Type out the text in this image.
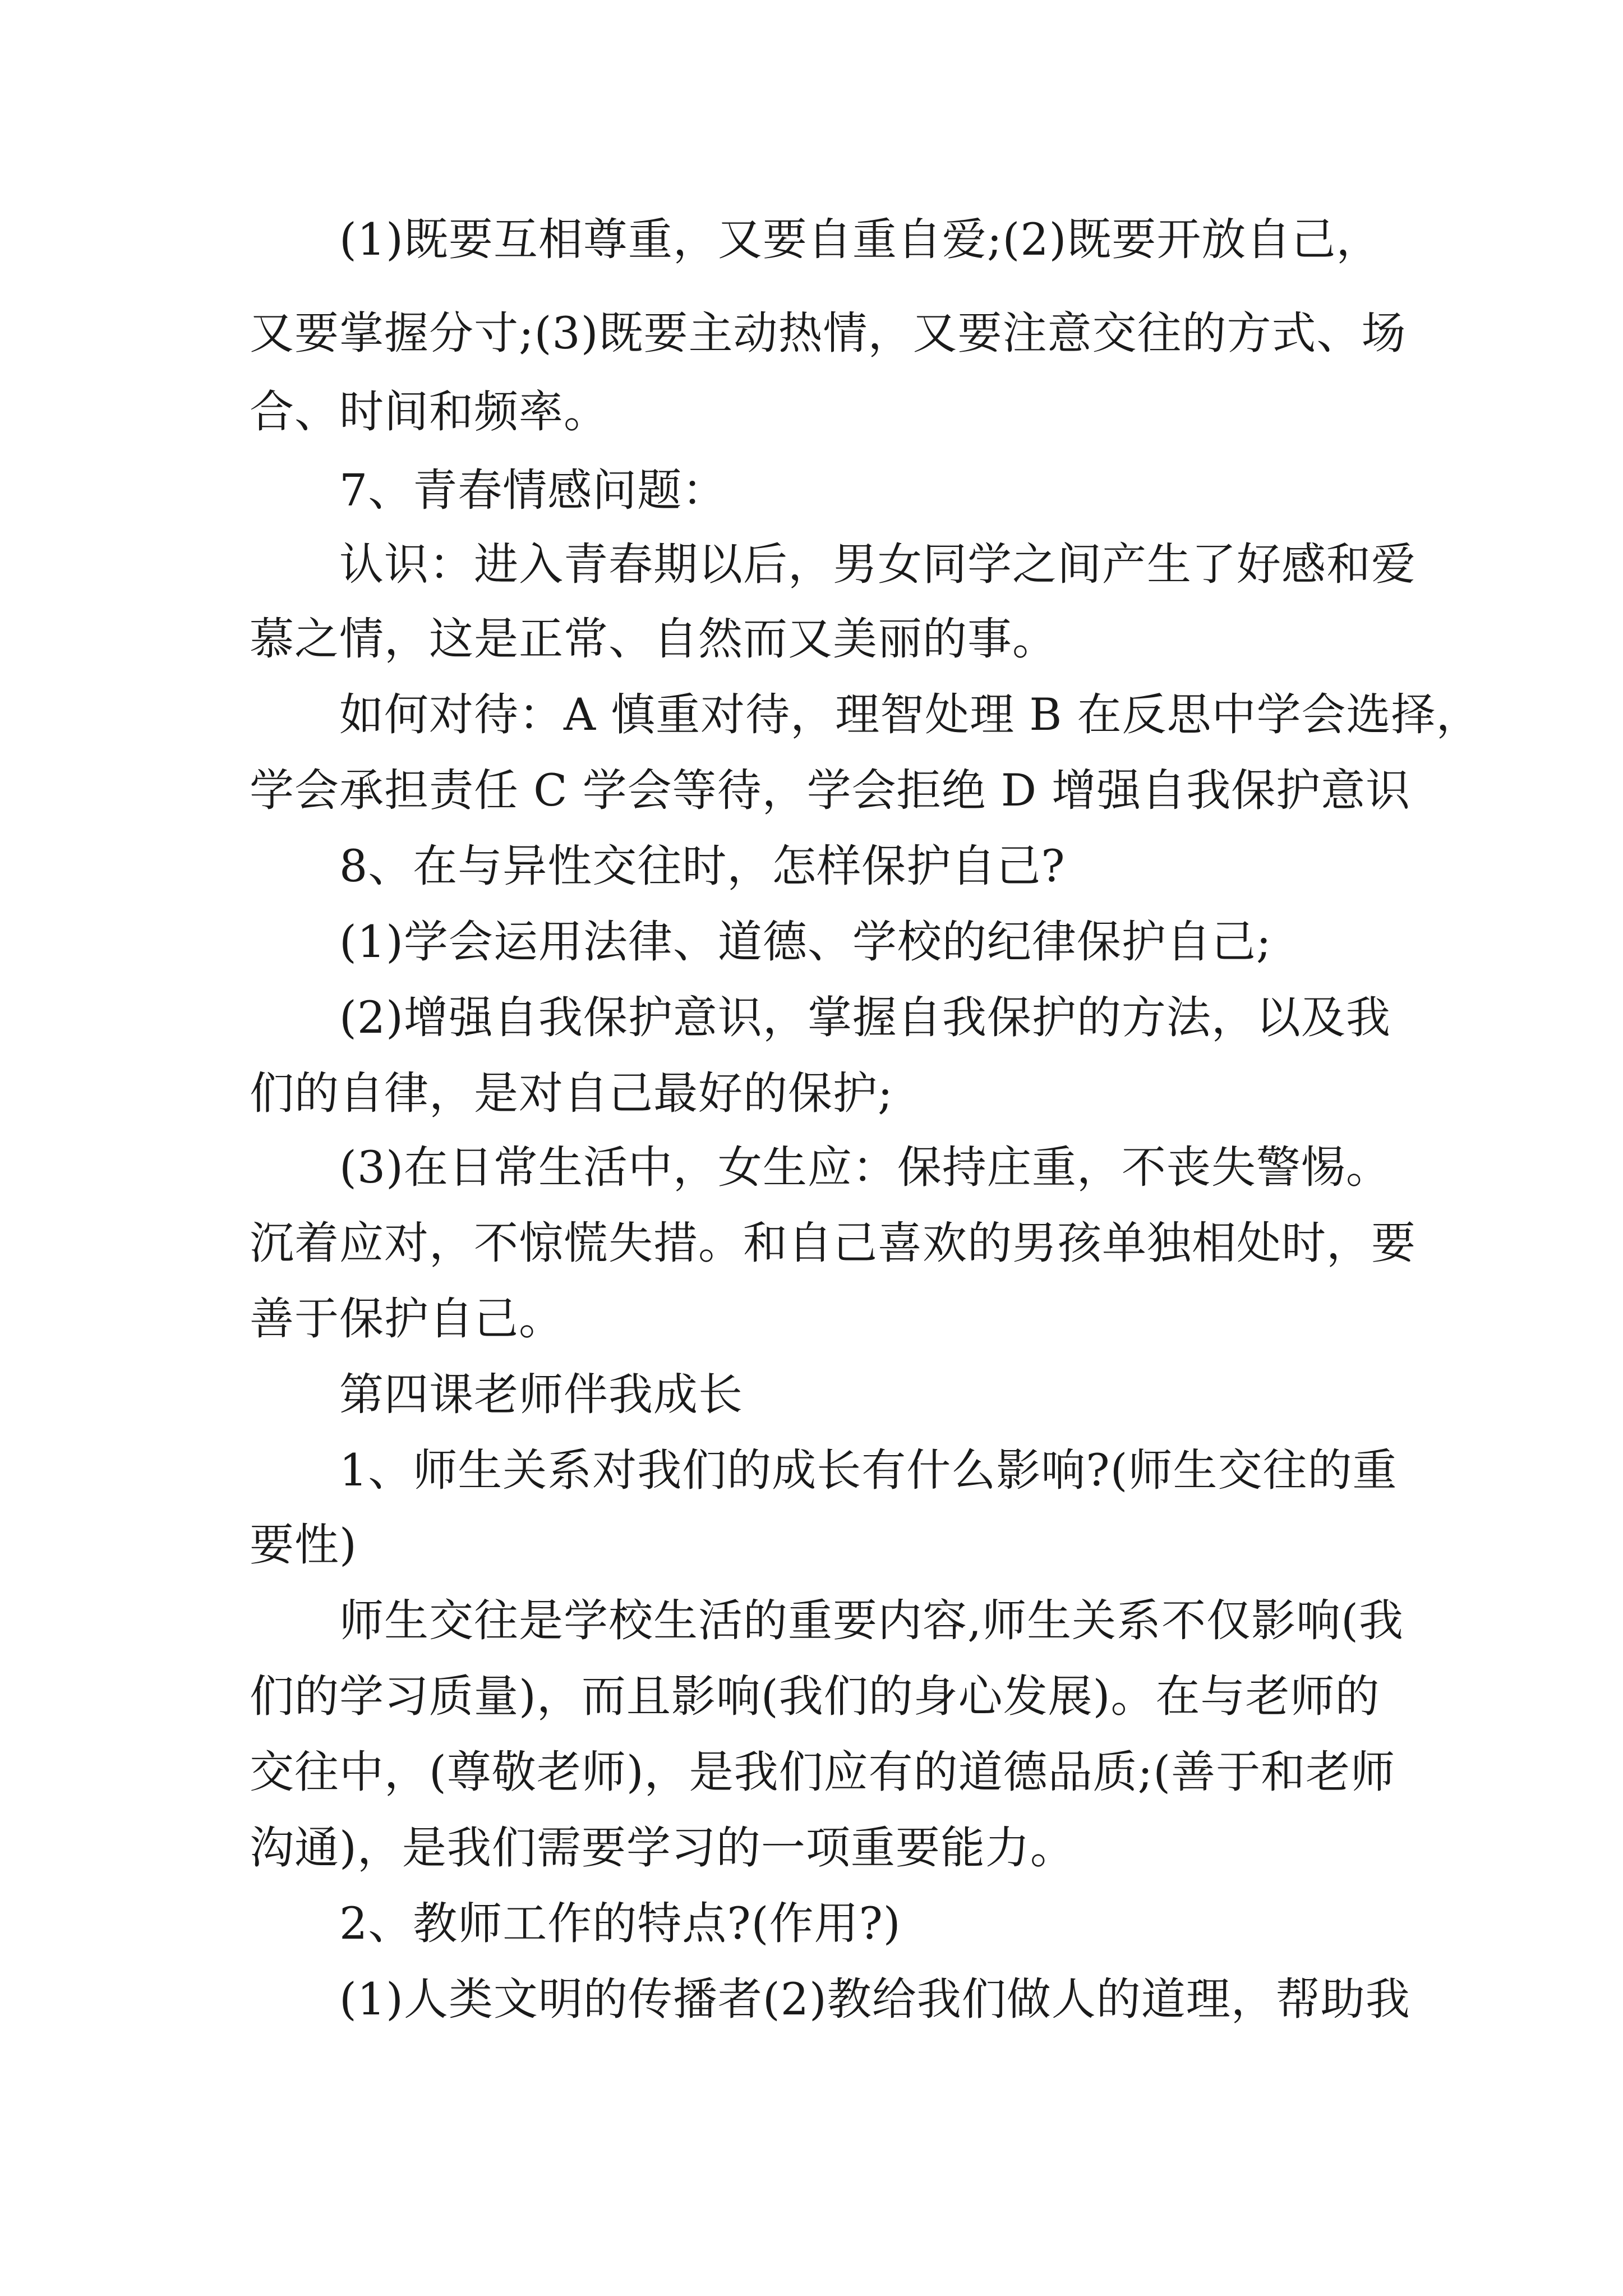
(1)既要互相尊重，又要自重自爱;(2)既要开放自己，

又要掌握分寸;(3)既要主动热情，又要注意交往的方式、场

合、时间和频率。

7、青春情感问题：

认识：进入青春期以后，男女同学之间产生了好感和爱

慕之情，这是正常、自然而又美丽的事。

如何对待：A 慎重对待，理智处理 B 在反思中学会选择，

学会承担责任 C 学会等待，学会拒绝 D 增强自我保护意识

8、在与异性交往时，怎样保护自己?

(1)学会运用法律、道德、学校的纪律保护自己;

(2)增强自我保护意识，掌握自我保护的方法，以及我

们的自律，是对自己最好的保护;

(3)在日常生活中，女生应：保持庄重，不丧失警惕。

沉着应对，不惊慌失措。和自己喜欢的男孩单独相处时，要

善于保护自己。

第四课老师伴我成长

1、师生关系对我们的成长有什么影响?(师生交往的重

要性)

师生交往是学校生活的重要内容,师生关系不仅影响(我

们的学习质量)，而且影响(我们的身心发展)。在与老师的

交往中，(尊敬老师)，是我们应有的道德品质;(善于和老师

沟通)，是我们需要学习的一项重要能力。

2、教师工作的特点?(作用?)

(1)人类文明的传播者(2)教给我们做人的道理，帮助我
